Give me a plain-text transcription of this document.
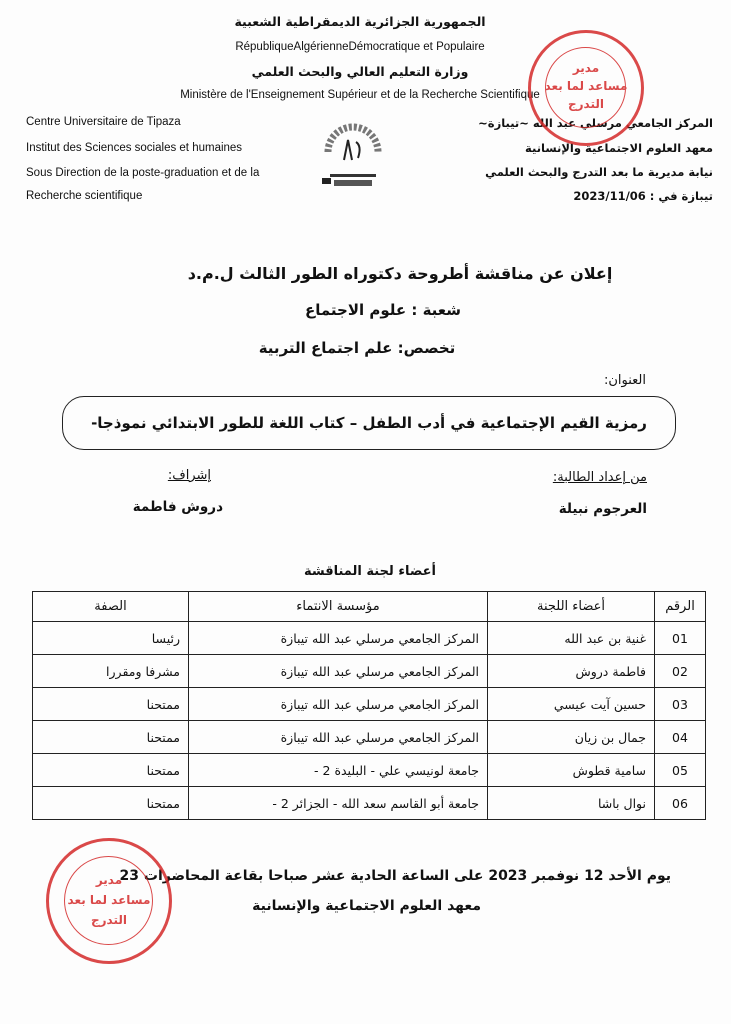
الجمهورية الجزائرية الديمقراطية الشعبية
RépubliqueAlgérienneDémocratique et Populaire
وزارة التعليم العالي والبحث العلمي
Ministère de l'Enseignement Supérieur et de la Recherche Scientifique
Centre Universitaire de Tipaza
Institut des Sciences sociales et humaines
Sous Direction de la poste-graduation et de la
Recherche scientifique
المركز الجامعي مرسلي عبد الله ~تيبازة~
معهد العلوم الاجتماعية والإنسانية
نيابة مديرية ما بعد التدرج والبحث العلمي
تيبازة في : 2023/11/06
مدير
مساعد لما بعد
التدرج
إعلان عن مناقشة أطروحة دكتوراه الطور الثالث ل.م.د
شعبة : علوم الاجتماع
تخصص: علم اجتماع التربية
العنوان:
رمزية القيم الإجتماعية في أدب الطفل – كتاب اللغة للطور الابتدائي نموذجا-
من إعداد الطالبة:
العرجوم نبيلة
إشراف:
دروش فاطمة
أعضاء لجنة المناقشة
الرقم	أعضاء اللجنة	مؤسسة الانتماء	الصفة
01	غنية بن عبد الله	المركز الجامعي مرسلي عبد الله تيبازة	رئيسا
02	فاطمة دروش	المركز الجامعي مرسلي عبد الله تيبازة	مشرفا ومقررا
03	حسين آيت عيسي	المركز الجامعي مرسلي عبد الله تيبازة	ممتحنا
04	جمال بن زيان	المركز الجامعي مرسلي عبد الله تيبازة	ممتحنا
05	سامية قطوش	جامعة لونيسي علي - البليدة 2 -	ممتحنا
06	نوال باشا	جامعة أبو القاسم سعد الله - الجزائر 2 -	ممتحنا
يوم الأحد 12 نوفمبر 2023 على الساعة الحادية عشر صباحا بقاعة المحاضرات 23
معهد العلوم الاجتماعية والإنسانية
مدير
مساعد لما بعد
التدرج
